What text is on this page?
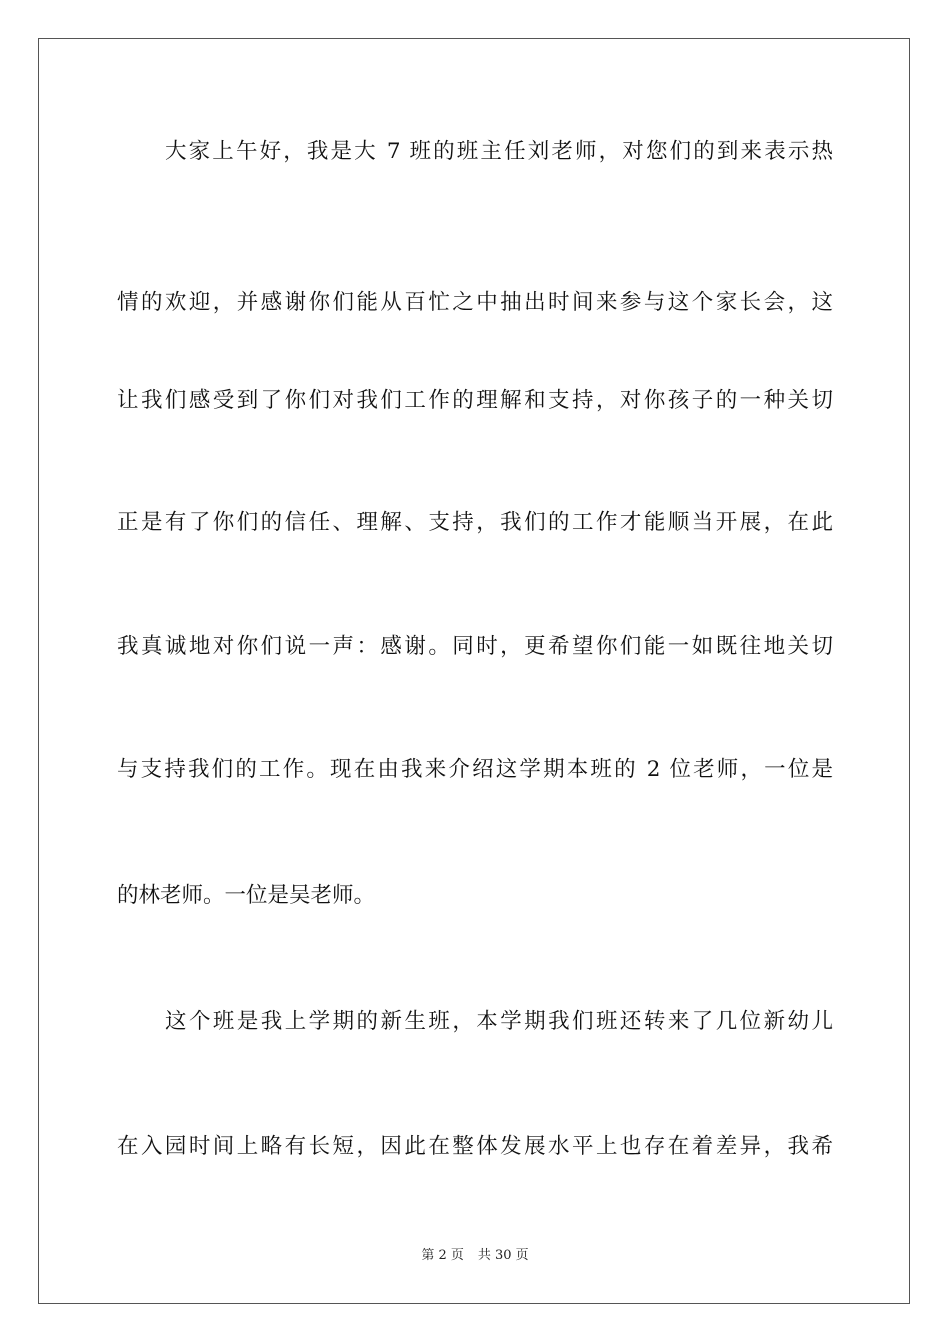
大家上午好，我是大 7 班的班主任刘老师，对您们的到来表示热
情的欢迎，并感谢你们能从百忙之中抽出时间来参与这个家长会，这
让我们感受到了你们对我们工作的理解和支持，对你孩子的一种关切
正是有了你们的信任、理解、支持，我们的工作才能顺当开展，在此
我真诚地对你们说一声：感谢。同时，更希望你们能一如既往地关切
与支持我们的工作。现在由我来介绍这学期本班的 2 位老师，一位是
的林老师。一位是吴老师。
这个班是我上学期的新生班，本学期我们班还转来了几位新幼儿
在入园时间上略有长短，因此在整体发展水平上也存在着差异，我希
第 2 页 共 30 页
